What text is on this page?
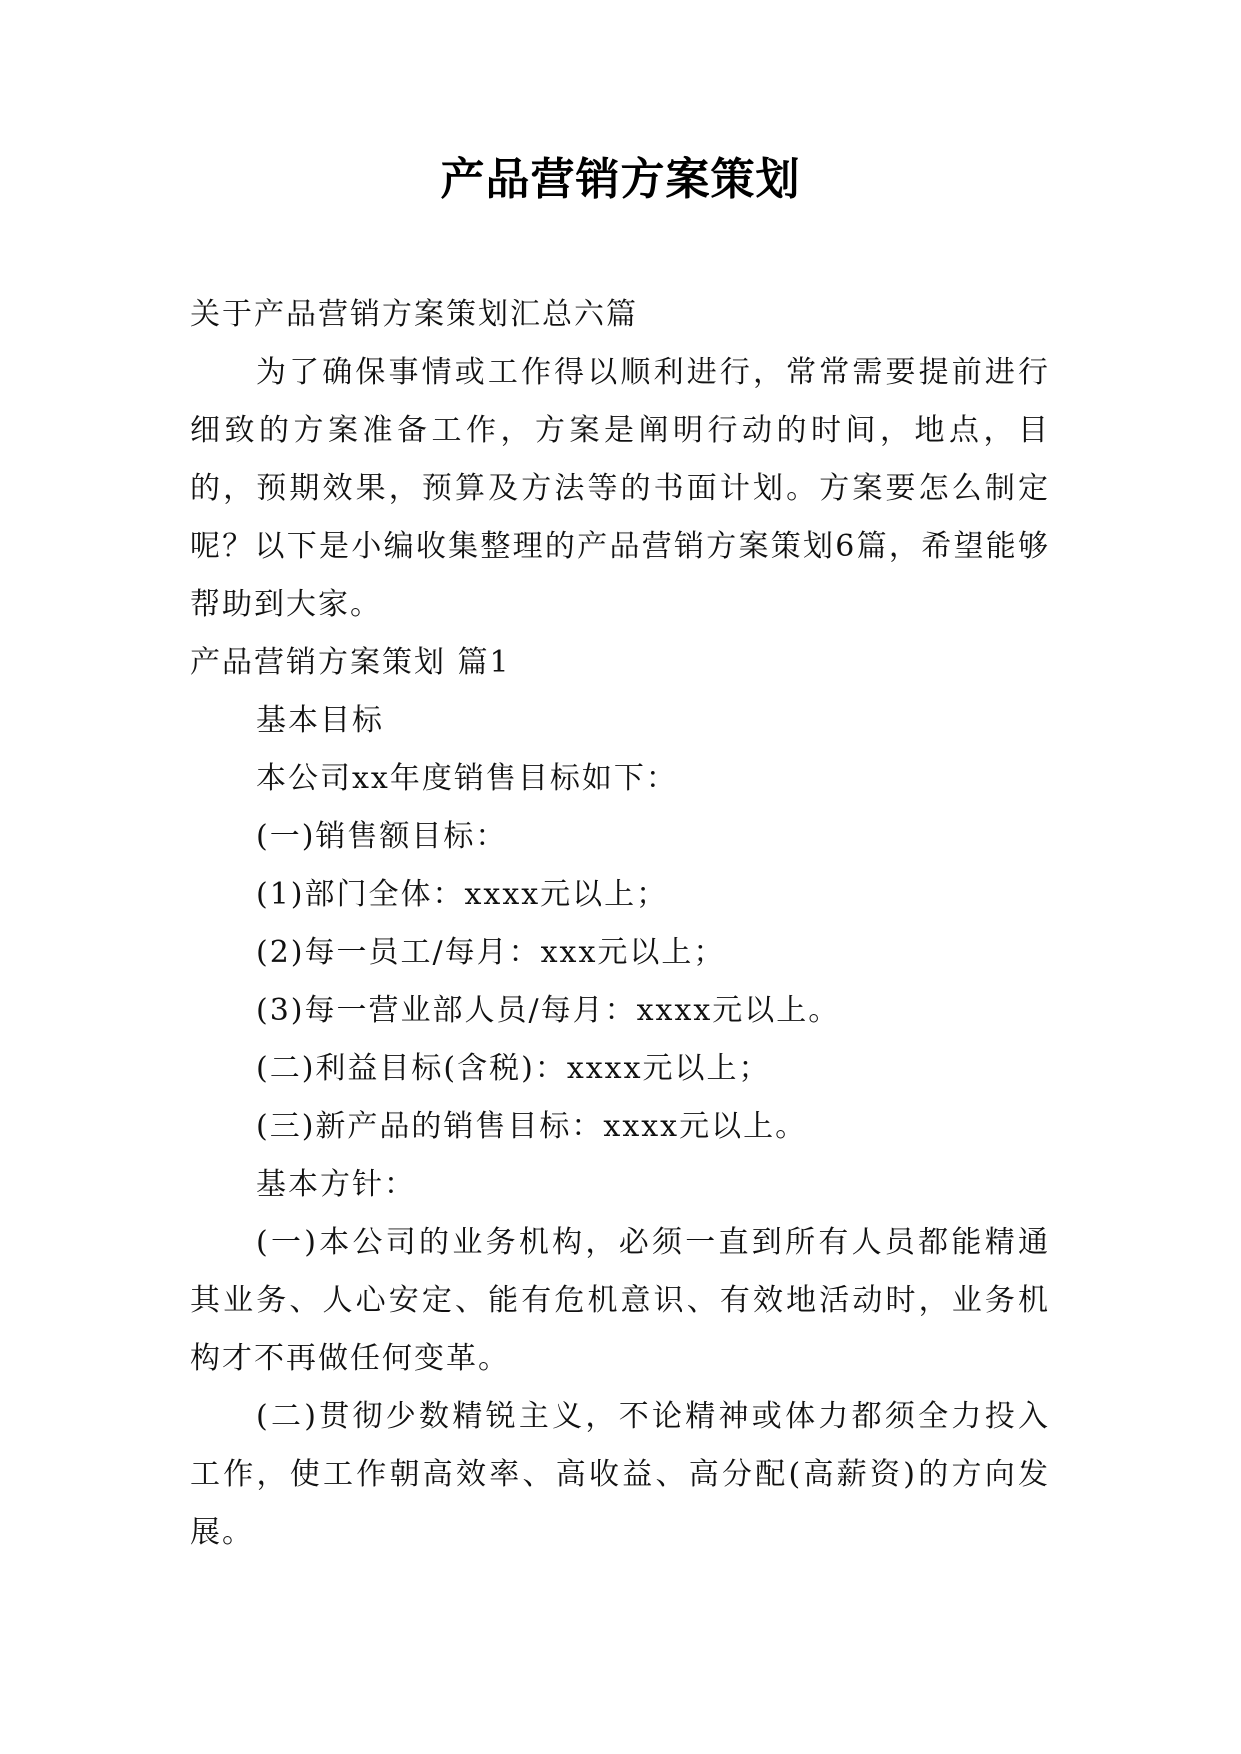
产品营销方案策划

关于产品营销方案策划汇总六篇

为了确保事情或工作得以顺利进行，常常需要提前进行细致的方案准备工作，方案是阐明行动的时间，地点，目的，预期效果，预算及方法等的书面计划。方案要怎么制定呢？以下是小编收集整理的产品营销方案策划6篇，希望能够帮助到大家。

产品营销方案策划 篇1

基本目标

本公司xx年度销售目标如下：

(一)销售额目标：

(1)部门全体：xxxx元以上；

(2)每一员工/每月：xxx元以上；

(3)每一营业部人员/每月：xxxx元以上。

(二)利益目标(含税)：xxxx元以上；

(三)新产品的销售目标：xxxx元以上。

基本方针：

(一)本公司的业务机构，必须一直到所有人员都能精通其业务、人心安定、能有危机意识、有效地活动时，业务机构才不再做任何变革。

(二)贯彻少数精锐主义，不论精神或体力都须全力投入工作，使工作朝高效率、高收益、高分配(高薪资)的方向发展。
